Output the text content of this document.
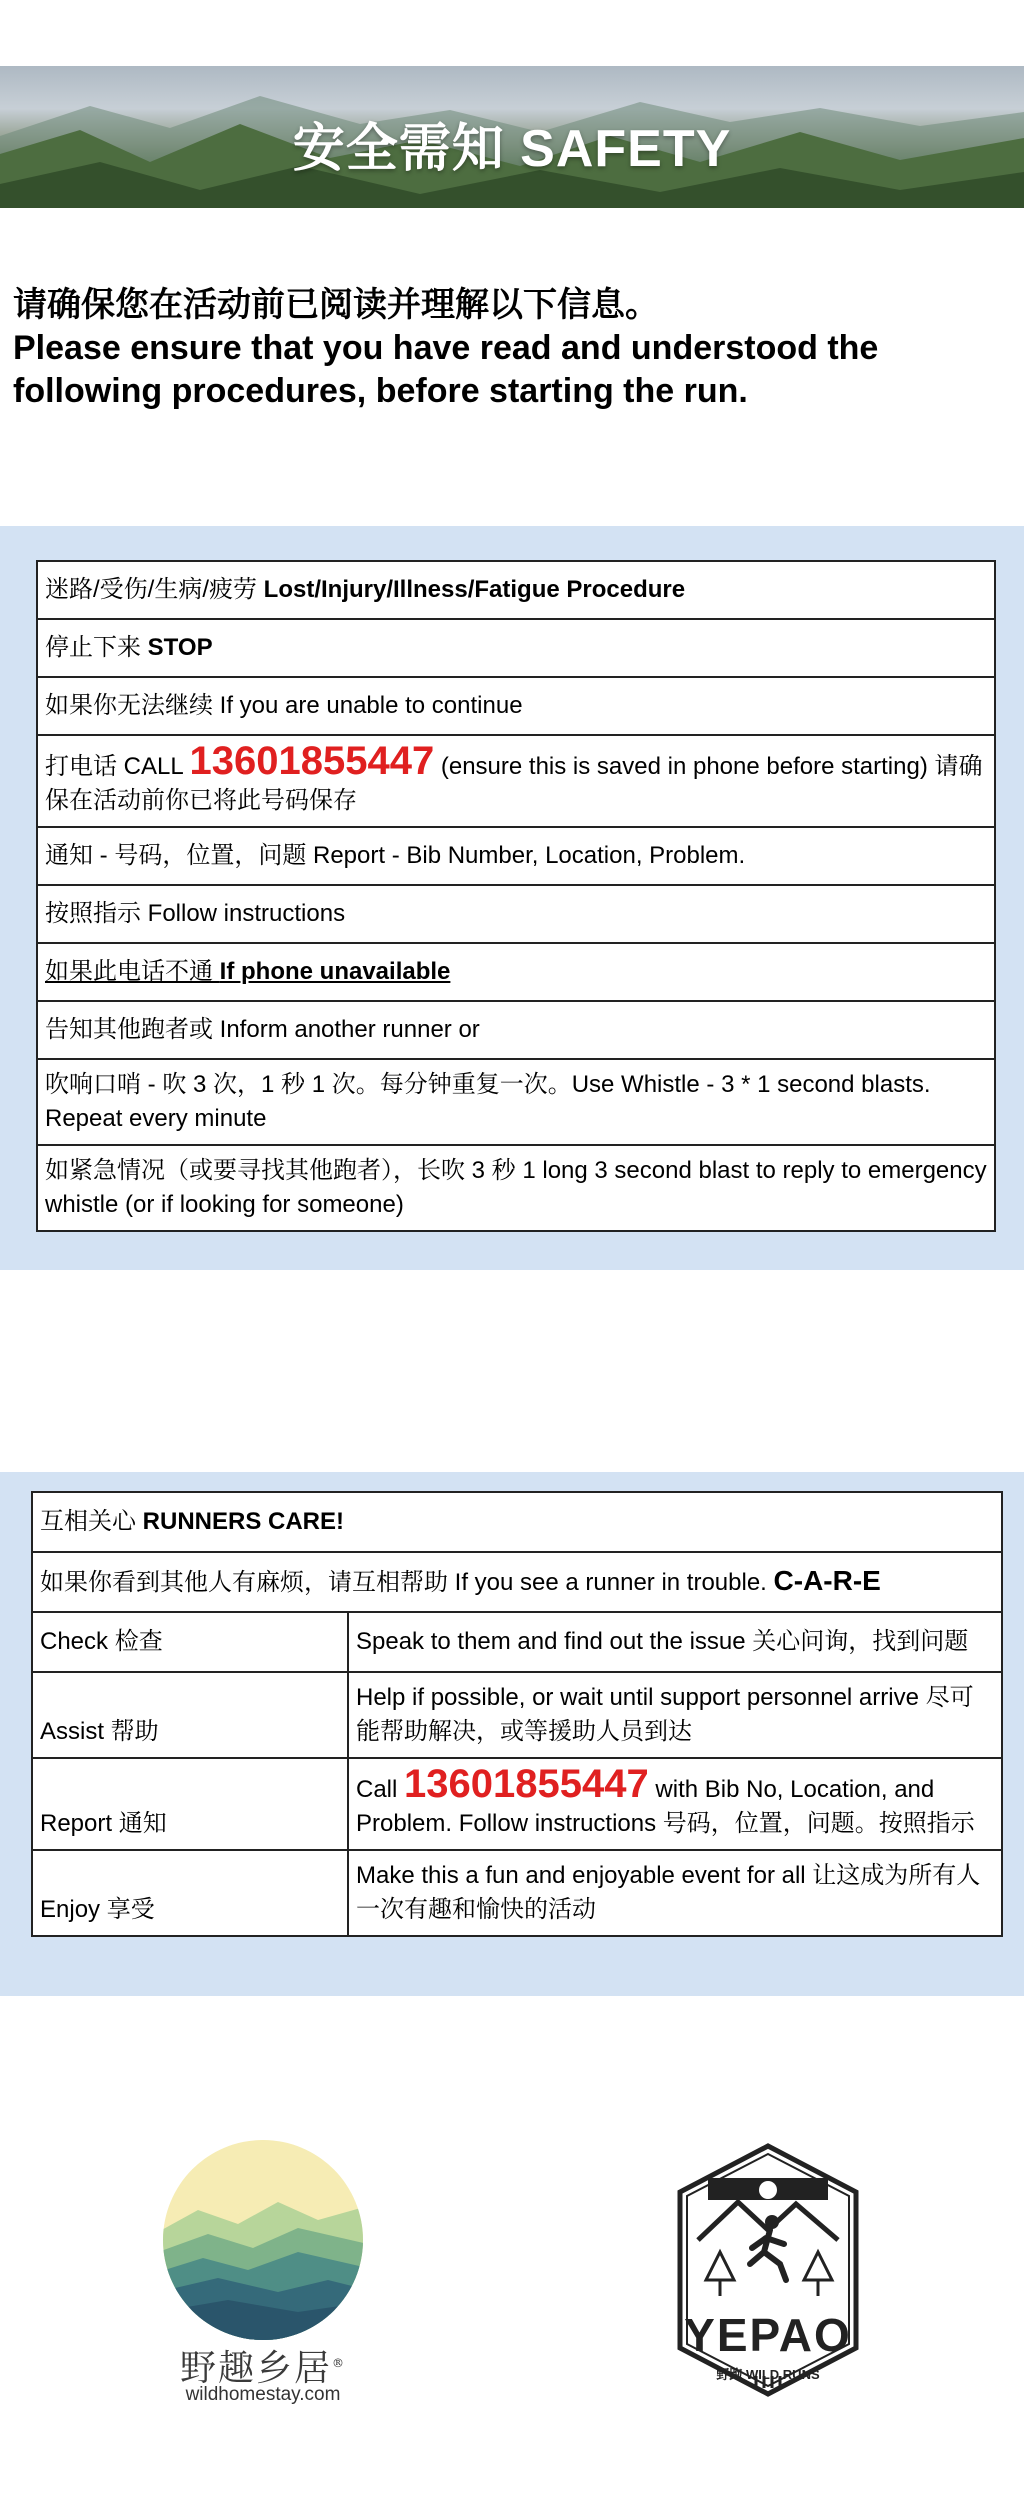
安全需知 SAFETY
请确保您在活动前已阅读并理解以下信息。
Please ensure that you have read and understood the following procedures, before starting the run.
迷路/受伤/生病/疲劳 Lost/Injury/Illness/Fatigue Procedure
停止下来 STOP
如果你无法继续 If you are unable to continue
打电话 CALL 13601855447 (ensure this is saved in phone before starting) 请确保在活动前你已将此号码保存
通知 - 号码，位置，问题 Report - Bib Number, Location, Problem.
按照指示 Follow instructions
如果此电话不通 If phone unavailable
告知其他跑者或 Inform another runner or
吹响口哨 - 吹 3 次，1 秒 1 次。每分钟重复一次。Use Whistle - 3 * 1 second blasts. Repeat every minute
如紧急情况（或要寻找其他跑者），长吹 3 秒 1 long 3 second blast to reply to emergency whistle (or if looking for someone)
互相关心 RUNNERS CARE!	
如果你看到其他人有麻烦，请互相帮助 If you see a runner in trouble. C-A-R-E	
Check 检查	Speak to them and find out the issue 关心问询，找到问题
Assist 帮助	Help if possible, or wait until support personnel arrive 尽可能帮助解决，或等援助人员到达
Report 通知	Call 13601855447 with Bib No, Location, and Problem. Follow instructions 号码，位置，问题。按照指示
Enjoy 享受	Make this a fun and enjoyable event for all 让这成为所有人一次有趣和愉快的活动
野趣乡居®
wildhomestay.com
YEPAO
野跑 WILD RUNS
